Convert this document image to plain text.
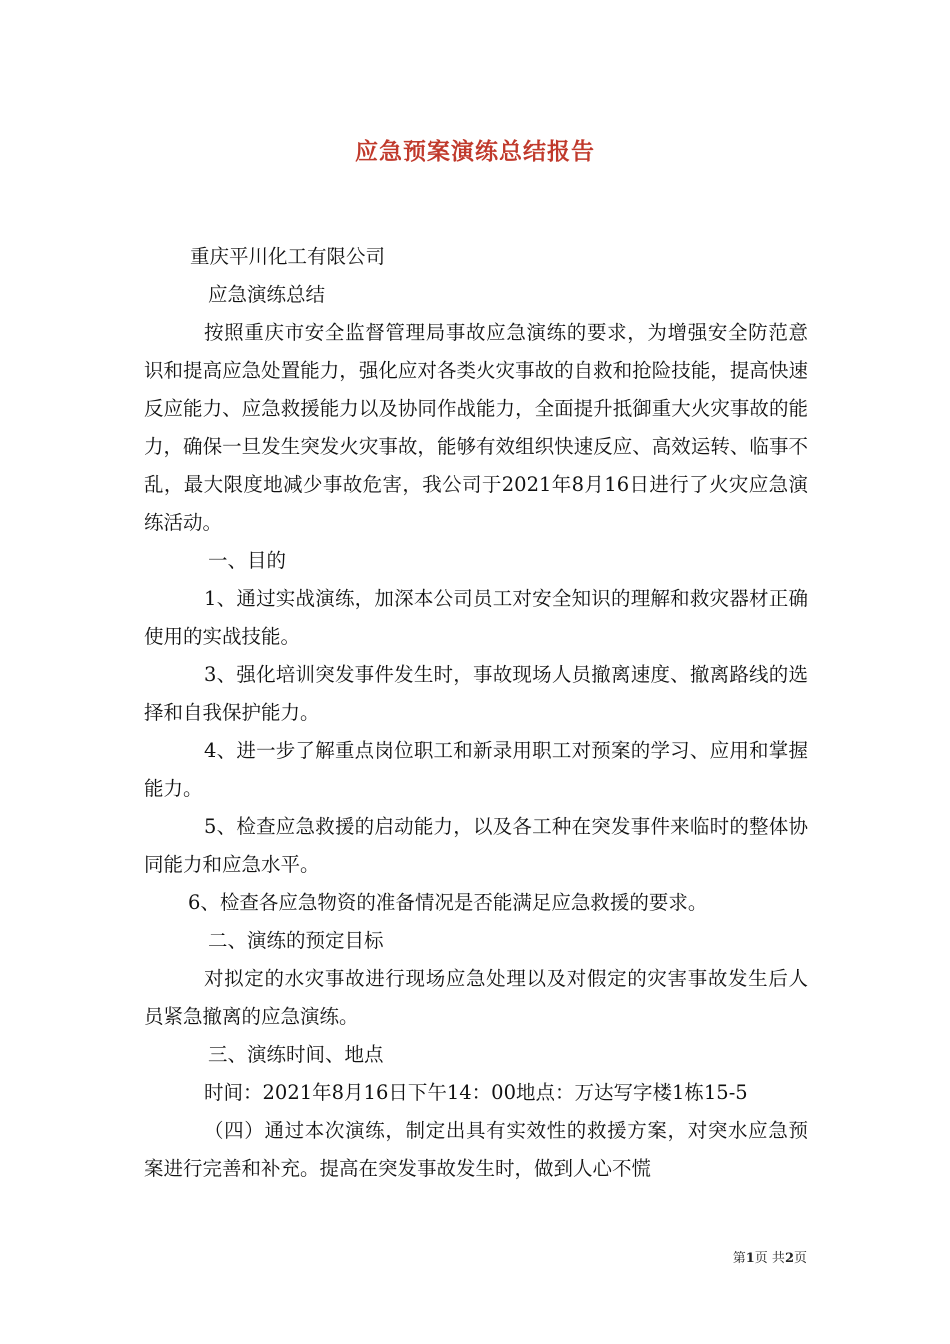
应急预案演练总结报告

重庆平川化工有限公司

应急演练总结

按照重庆市安全监督管理局事故应急演练的要求，为增强安全防范意识和提高应急处置能力，强化应对各类火灾事故的自救和抢险技能，提高快速反应能力、应急救援能力以及协同作战能力，全面提升抵御重大火灾事故的能力，确保一旦发生突发火灾事故，能够有效组织快速反应、高效运转、临事不乱，最大限度地减少事故危害，我公司于2021年8月16日进行了火灾应急演练活动。

一、目的

1、通过实战演练，加深本公司员工对安全知识的理解和救灾器材正确使用的实战技能。

3、强化培训突发事件发生时，事故现场人员撤离速度、撤离路线的选择和自我保护能力。

4、进一步了解重点岗位职工和新录用职工对预案的学习、应用和掌握能力。

5、检查应急救援的启动能力，以及各工种在突发事件来临时的整体协同能力和应急水平。

6、检查各应急物资的准备情况是否能满足应急救援的要求。

二、演练的预定目标

对拟定的水灾事故进行现场应急处理以及对假定的灾害事故发生后人员紧急撤离的应急演练。

三、演练时间、地点

时间：2021年8月16日下午14：00地点：万达写字楼1栋15-5

（四）通过本次演练，制定出具有实效性的救援方案，对突水应急预案进行完善和补充。提高在突发事故发生时，做到人心不慌

第1页 共2页
